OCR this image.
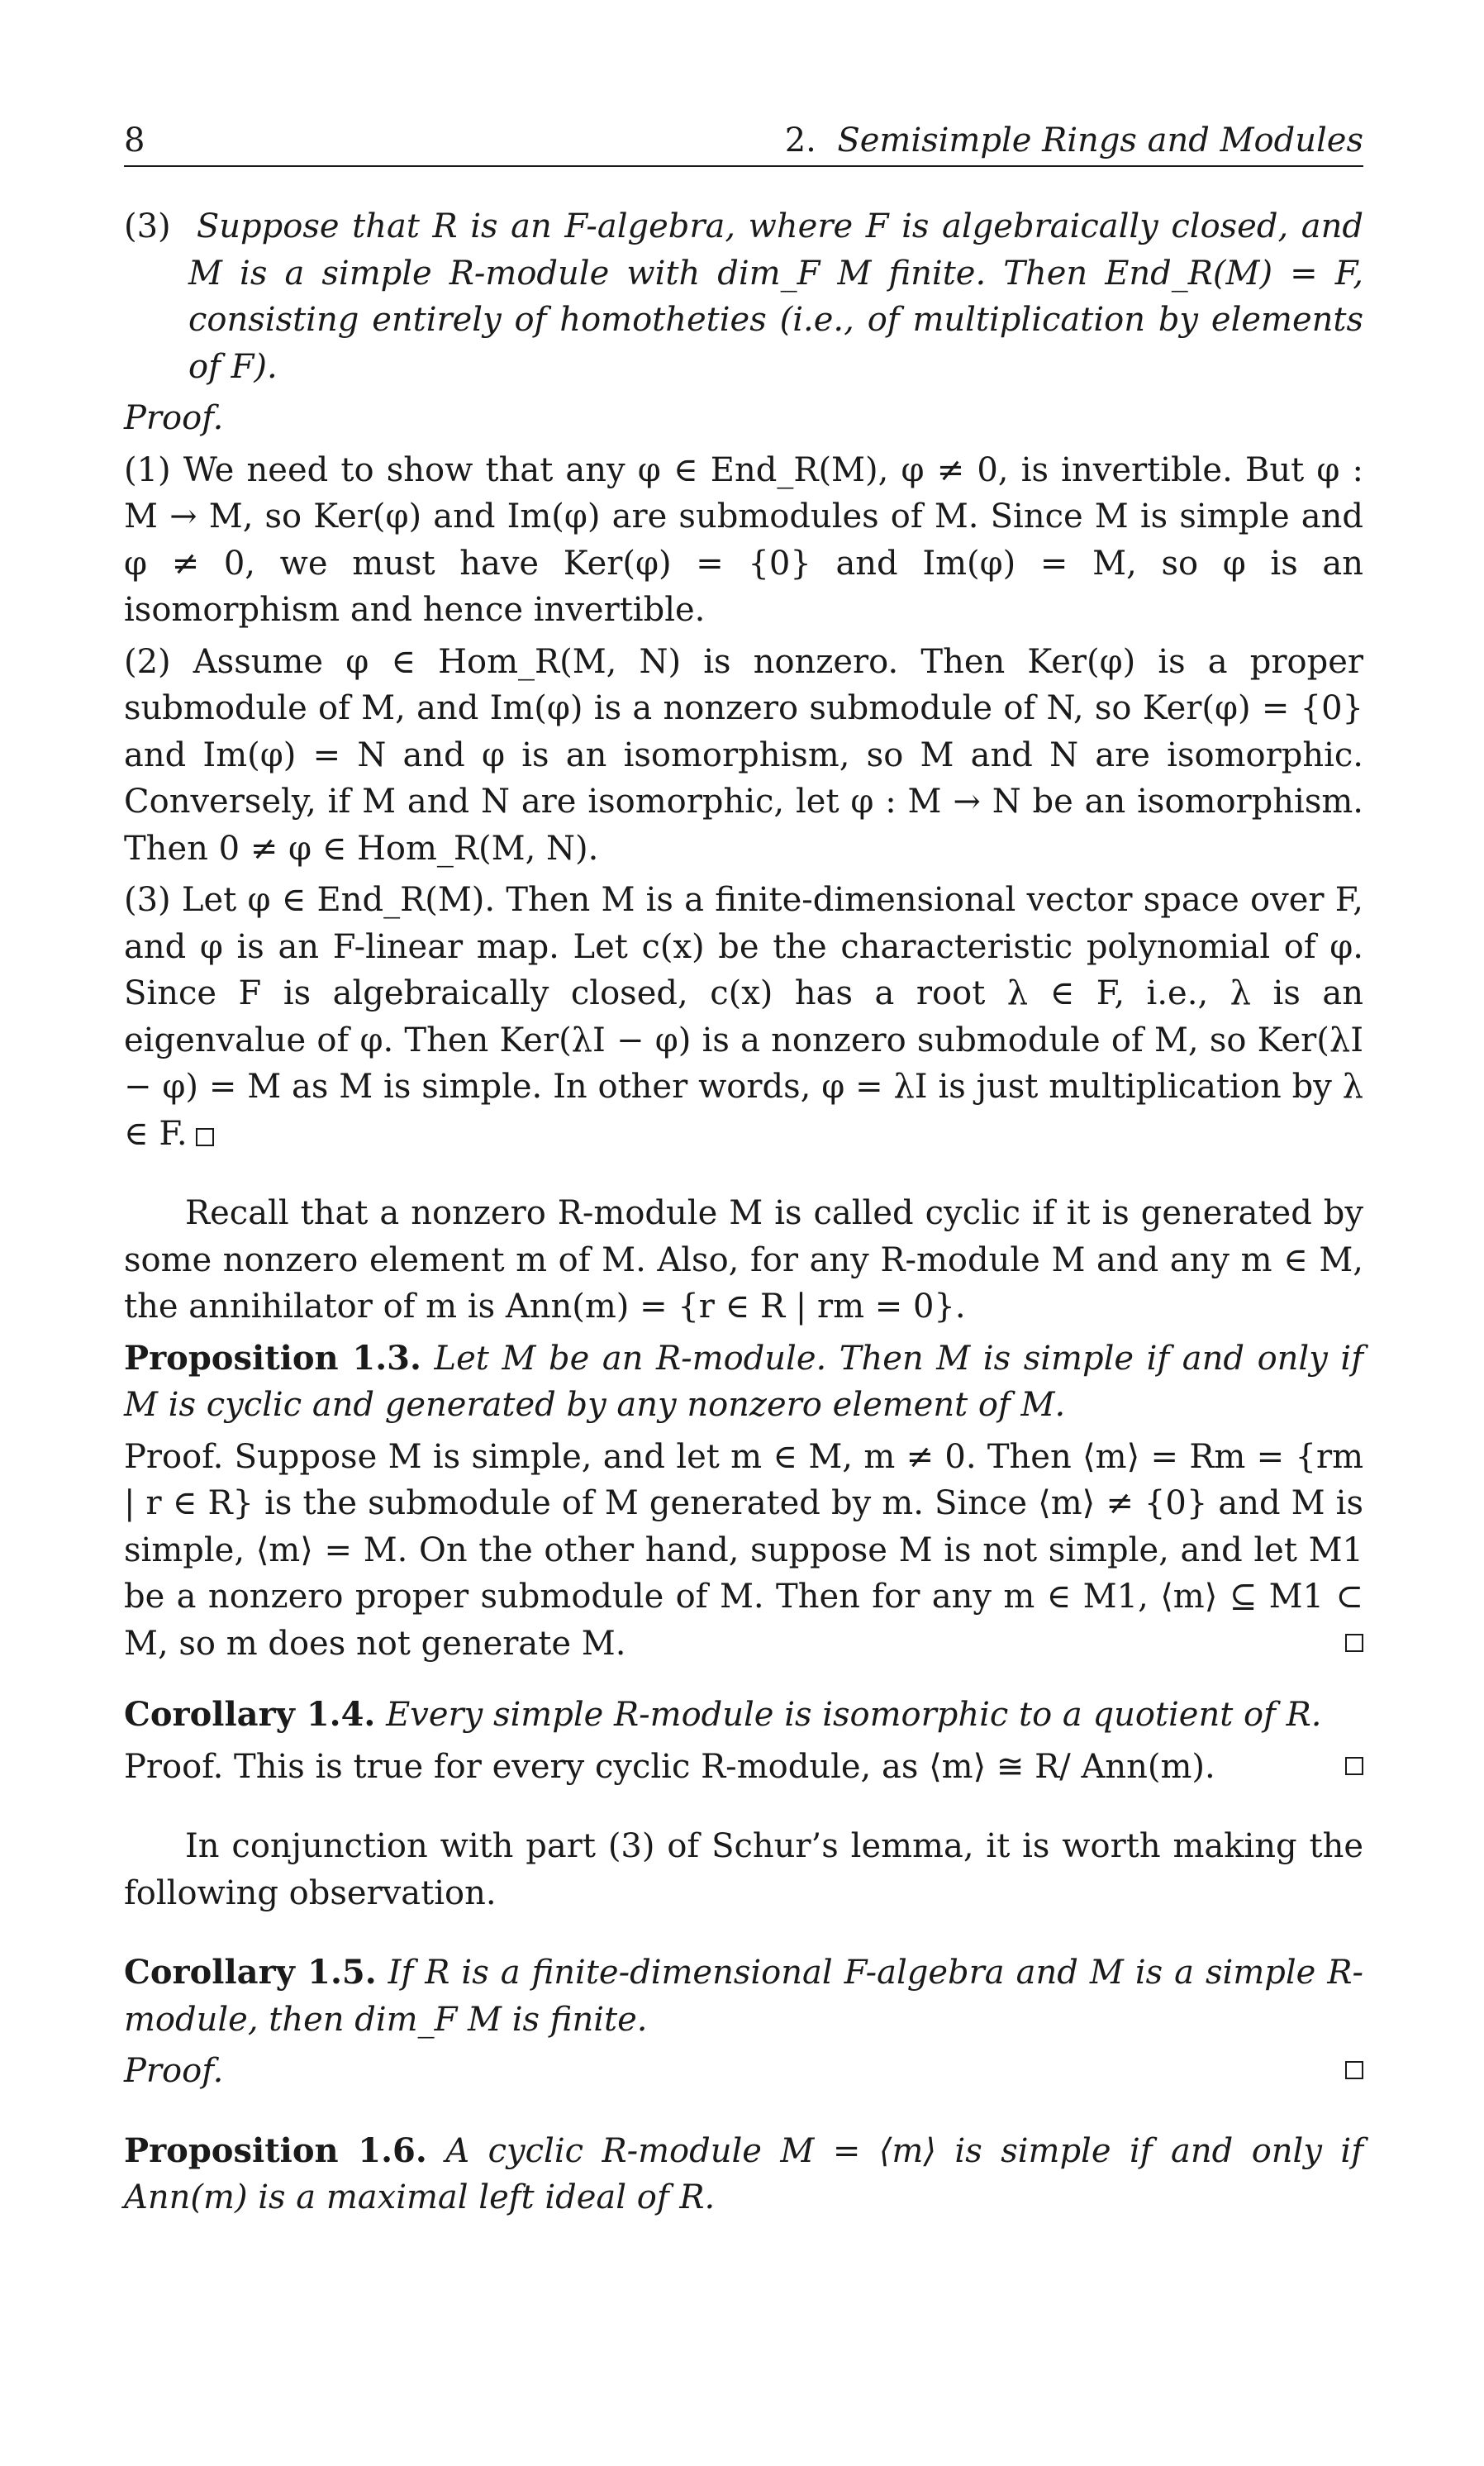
8	2. Semisimple Rings and Modules

(3) Suppose that R is an F-algebra, where F is algebraically closed, and M is a simple R-module with dim_F M finite. Then End_R(M) = F, consisting entirely of homotheties (i.e., of multiplication by elements of F).

Proof.

(1) We need to show that any φ ∈ End_R(M), φ ≠ 0, is invertible. But φ : M → M, so Ker(φ) and Im(φ) are submodules of M. Since M is simple and φ ≠ 0, we must have Ker(φ) = {0} and Im(φ) = M, so φ is an isomorphism and hence invertible.

(2) Assume φ ∈ Hom_R(M, N) is nonzero. Then Ker(φ) is a proper submodule of M, and Im(φ) is a nonzero submodule of N, so Ker(φ) = {0} and Im(φ) = N and φ is an isomorphism, so M and N are isomorphic. Conversely, if M and N are isomorphic, let φ : M → N be an isomorphism. Then 0 ≠ φ ∈ Hom_R(M, N).

(3) Let φ ∈ End_R(M). Then M is a finite-dimensional vector space over F, and φ is an F-linear map. Let c(x) be the characteristic polynomial of φ. Since F is algebraically closed, c(x) has a root λ ∈ F, i.e., λ is an eigenvalue of φ. Then Ker(λI − φ) is a nonzero submodule of M, so Ker(λI − φ) = M as M is simple. In other words, φ = λI is just multiplication by λ ∈ F.

Recall that a nonzero R-module M is called cyclic if it is generated by some nonzero element m of M. Also, for any R-module M and any m ∈ M, the annihilator of m is Ann(m) = {r ∈ R | rm = 0}.

Proposition 1.3. Let M be an R-module. Then M is simple if and only if M is cyclic and generated by any nonzero element of M.

Proof. Suppose M is simple, and let m ∈ M, m ≠ 0. Then ⟨m⟩ = Rm = {rm | r ∈ R} is the submodule of M generated by m. Since ⟨m⟩ ≠ {0} and M is simple, ⟨m⟩ = M. On the other hand, suppose M is not simple, and let M1 be a nonzero proper submodule of M. Then for any m ∈ M1, ⟨m⟩ ⊆ M1 ⊂ M, so m does not generate M.

Corollary 1.4. Every simple R-module is isomorphic to a quotient of R.

Proof. This is true for every cyclic R-module, as ⟨m⟩ ≅ R/ Ann(m).

In conjunction with part (3) of Schur’s lemma, it is worth making the following observation.

Corollary 1.5. If R is a finite-dimensional F-algebra and M is a simple R-module, then dim_F M is finite.

Proof.

Proposition 1.6. A cyclic R-module M = ⟨m⟩ is simple if and only if Ann(m) is a maximal left ideal of R.
